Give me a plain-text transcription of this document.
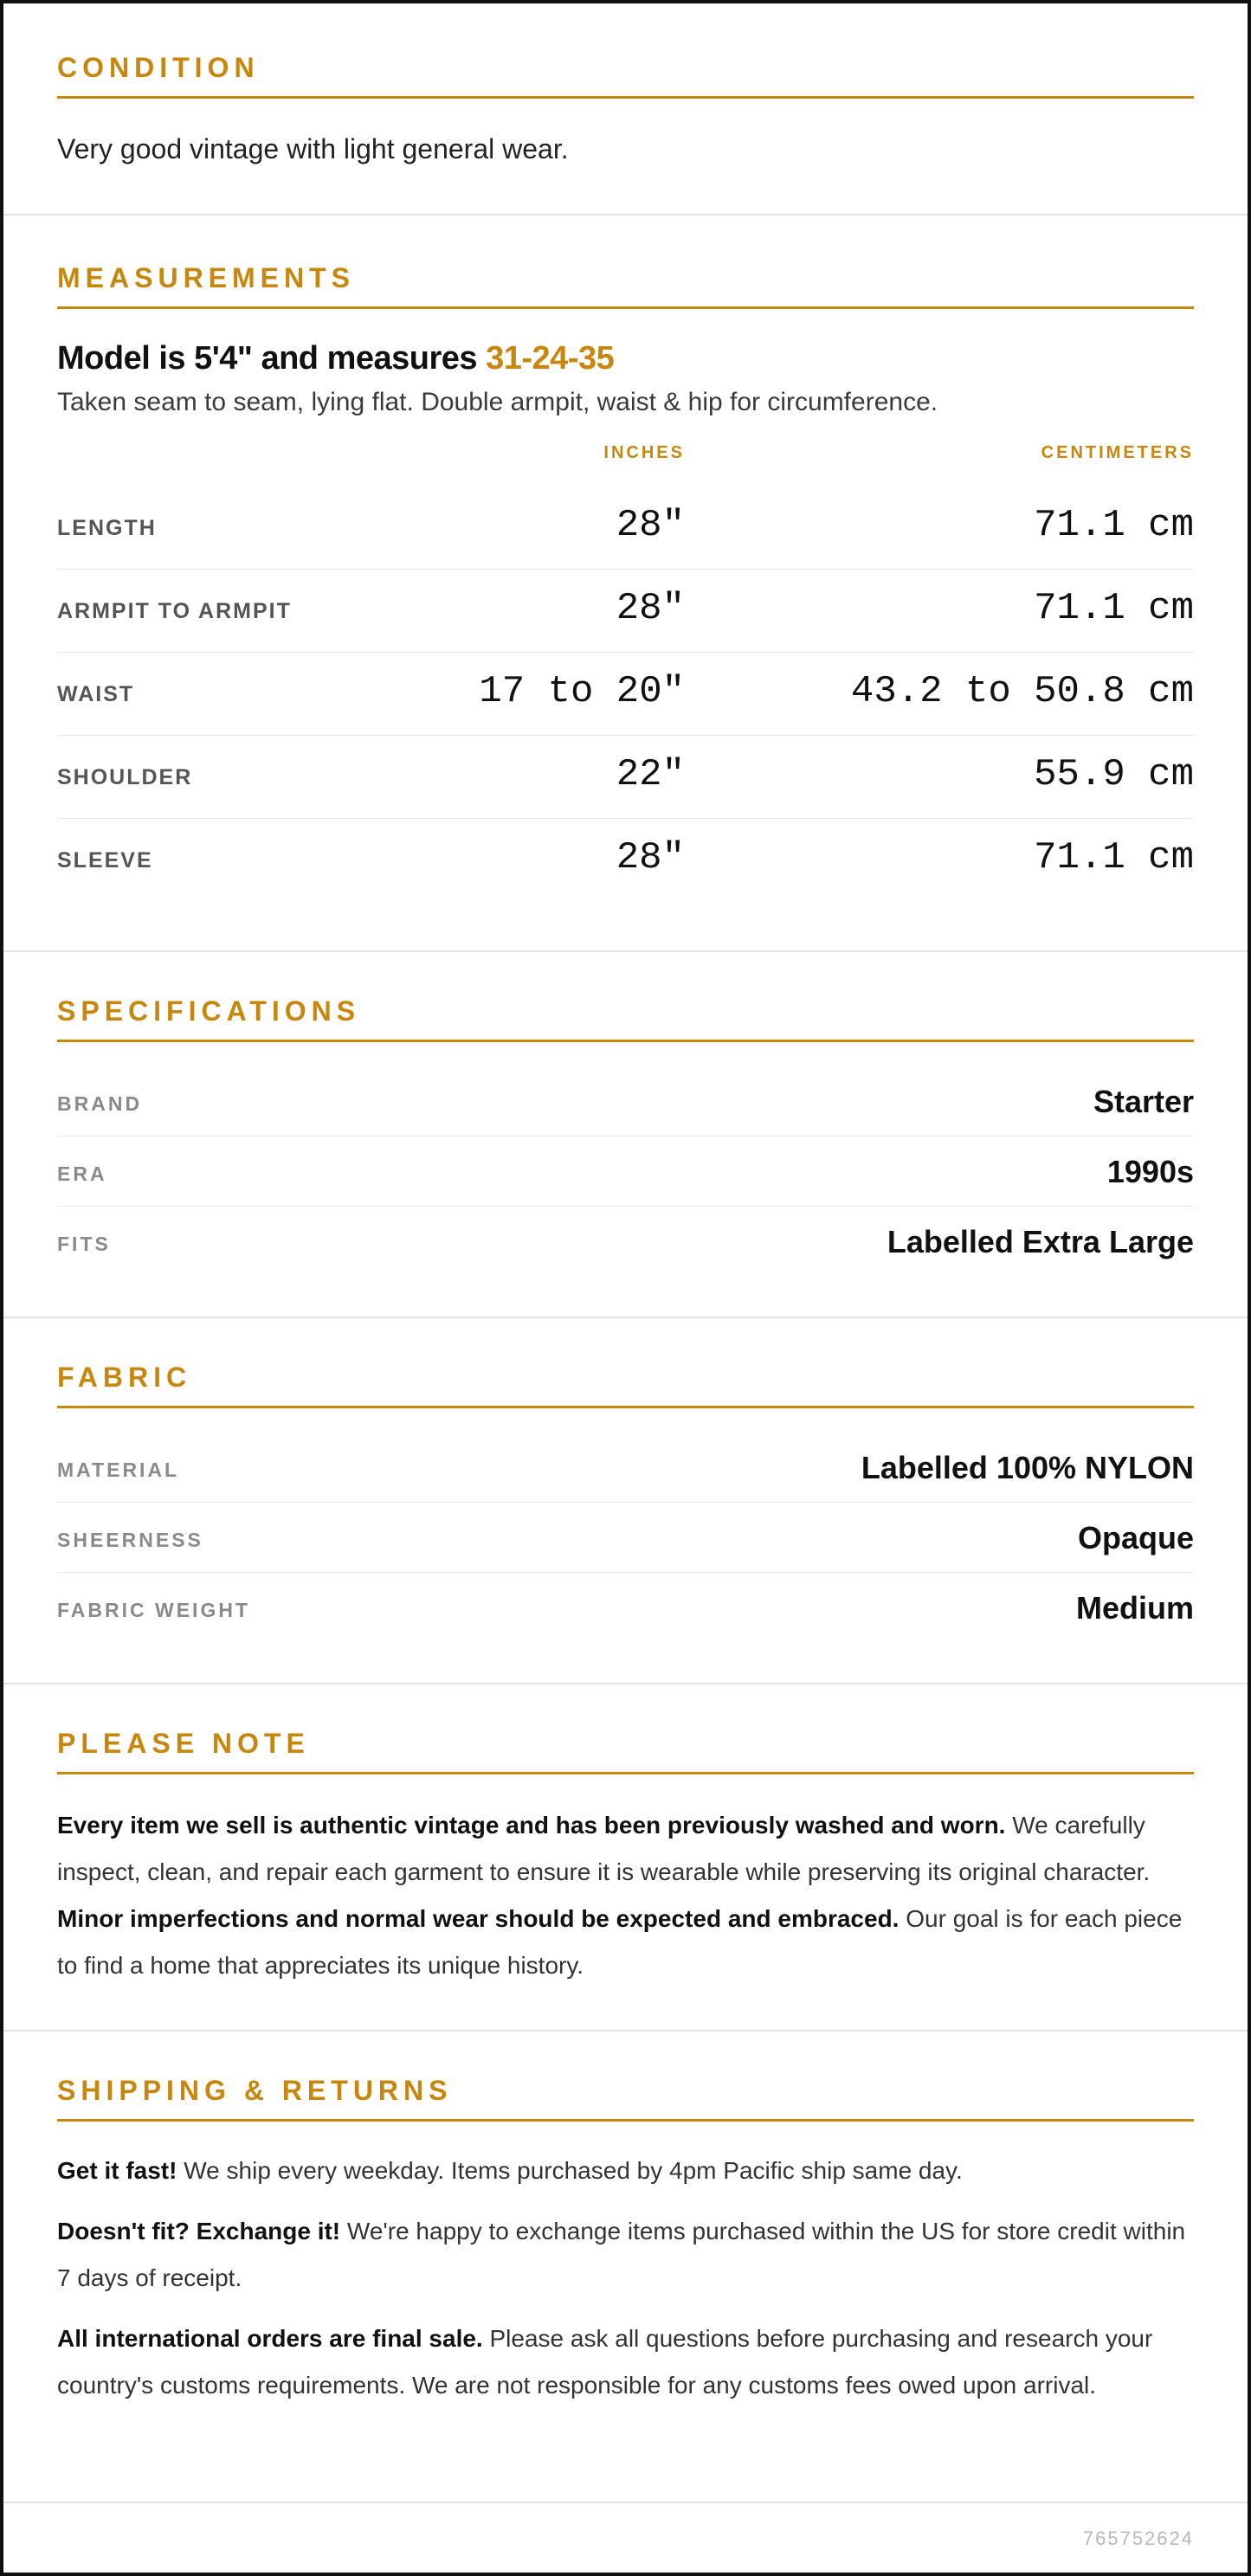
CONDITION
Very good vintage with light general wear.
MEASUREMENTS
Model is 5'4" and measures 31-24-35
Taken seam to seam, lying flat. Double armpit, waist & hip for circumference.
INCHES	CENTIMETERS
LENGTH	28"	71.1 cm
ARMPIT TO ARMPIT	28"	71.1 cm
WAIST	17 to 20"	43.2 to 50.8 cm
SHOULDER	22"	55.9 cm
SLEEVE	28"	71.1 cm
SPECIFICATIONS
BRAND	Starter
ERA	1990s
FITS	Labelled Extra Large
FABRIC
MATERIAL	Labelled 100% NYLON
SHEERNESS	Opaque
FABRIC WEIGHT	Medium
PLEASE NOTE

Every item we sell is authentic vintage and has been previously washed and worn. We carefully inspect, clean, and repair each garment to ensure it is wearable while preserving its original character. Minor imperfections and normal wear should be expected and embraced. Our goal is for each piece to find a home that appreciates its unique history.

SHIPPING & RETURNS

Get it fast! We ship every weekday. Items purchased by 4pm Pacific ship same day.

Doesn't fit? Exchange it! We're happy to exchange items purchased within the US for store credit within 7 days of receipt.

All international orders are final sale. Please ask all questions before purchasing and research your country's customs requirements. We are not responsible for any customs fees owed upon arrival.

765752624
